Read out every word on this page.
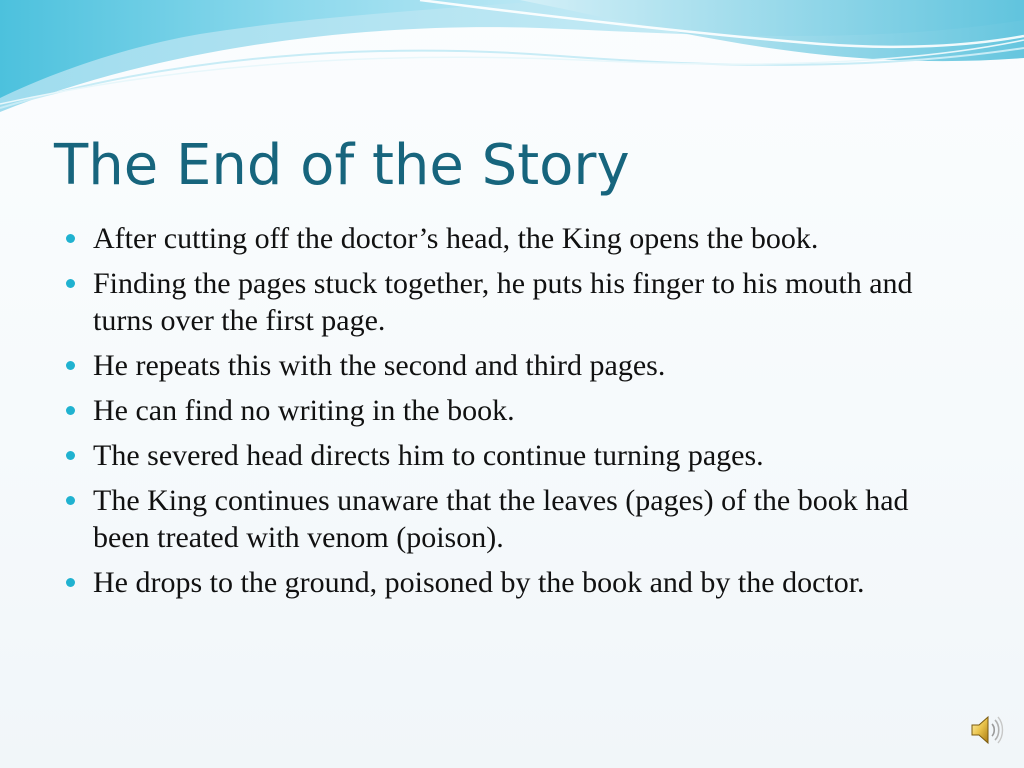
The End of the Story
After cutting off the doctor’s head, the King opens the book.
Finding the pages stuck together, he puts his finger to his mouth and turns over the first page.
He repeats this with the second and third pages.
He can find no writing in the book.
The severed head directs him to continue turning pages.
The King continues unaware that the leaves (pages) of the book had been treated with venom (poison).
He drops to the ground, poisoned by the book and by the doctor.
